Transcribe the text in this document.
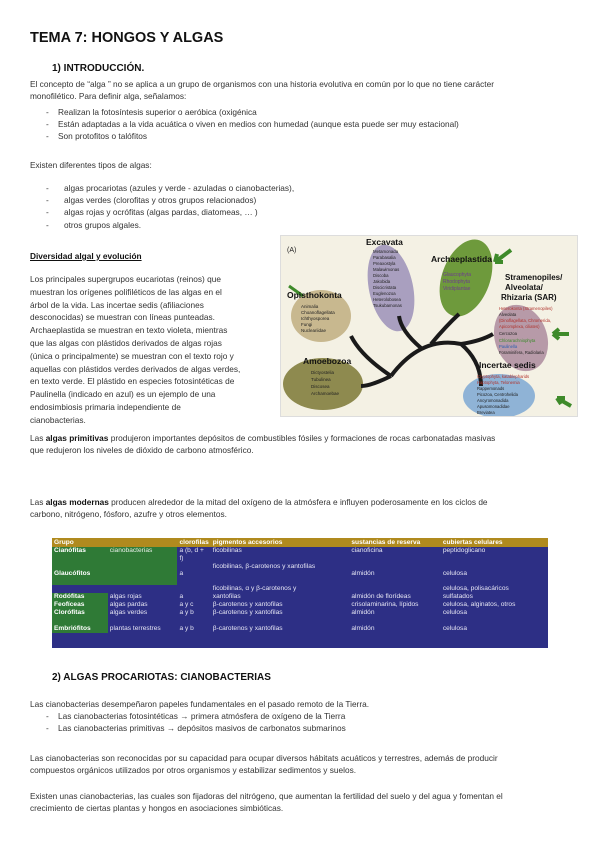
TEMA 7: HONGOS Y ALGAS
1) INTRODUCCIÓN.
El concepto de “alga ” no se aplica a un grupo de organismos con una historia evolutiva en común por lo que no tiene carácter
monofilético. Para definir alga, señalamos:
- Realizan la fotosíntesis superior o aeróbica (oxigénica
- Están adaptadas a la vida acuática o viven en medios con humedad (aunque esta puede ser muy estacional)
- Son protofitos o talófitos
Existen diferentes tipos de algas:
- algas procariotas (azules y verde - azuladas o cianobacterias),
- algas verdes (clorofitas y otros grupos relacionados)
- algas rojas y ocrófitas (algas pardas, diatomeas, … )
- otros grupos algales.
Diversidad algal y evolución
Los principales supergrupos eucariotas (reinos) que
muestran los orígenes polifiléticos de las algas en el
árbol de la vida. Las incertae sedis (afiliaciones
desconocidas) se muestran con líneas punteadas.
Archaeplastida se muestran en texto violeta, mientras
que las algas con plástidos derivados de algas rojas
(única o principalmente) se muestran con el texto rojo y
aquellas con plástidos verdes derivados de algas verdes,
en texto verde. El plástido en especies fotosintéticas de
Paulinella (indicado en azul) es un ejemplo de una
endosimbiosis primaria independiente de
cianobacterias.
(A)
Excavata
Archaeplastida
Opisthokonta
Stramenopiles/
Alveolata/
Rhizaria (SAR)
Amoebozoa	Incertae sedis
Metamonada
Parabasalia
Preaxostyla
Malawimonas
Discoba
Jakobida
Discicristata
Euglenozoa
Heterolobosea
Tsukubamonas
Glaucophyta
Rhodophyta
Viridiplantae
Animalia
Choanoflagellata
Ichthyosporea
Fungi
Nucleariidae
Heterokonta (Stramenopiles)
Alveolata
(Dinoflagellata, Chromerida,
Apicomplexa, ciliates)
Cercozoa
Chlorarachniophyta
Paulinella
Foraminifera, Radiolaria
Dictyostelia
Tubulinea
Discosea
Archamoebae
Cryptophyta, katablepharids
Haptophyta, Telonemia
Rappemonads
Picozoa, Centrohelida
Ancyromonadida
Apusomonadidae
Breviatea
Las algas primitivas produjeron importantes depósitos de combustibles fósiles y formaciones de rocas carbonatadas masivas
que redujeron los niveles de dióxido de carbono atmosférico.
Las algas modernas producen alrededor de la mitad del oxígeno de la atmósfera e influyen poderosamente en los ciclos de
carbono, nitrógeno, fósforo, azufre y otros elementos.
Grupo		clorofilas	pigmentos accesorios	sustancias de reserva	cubiertas celulares
Cianófitas	cianobacterias	a (b, d + f)	ficobilinas	cianoficina	peptidoglicano
Glaucófitos		a	ficobilinas, β-carotenos y xantofilas	almidón	celulosa
			ficobilinas, α y β-carotenos y		celulosa, polisacáricos
Rodófitas	algas rojas	a	xantofilas	almidón de florídeas	sulfatados
Feofíceas	algas pardas	a y c	β-carotenos y xantofilas	crisolaminarina, lípidos	celulosa, alginatos, otros
Clorófitas	algas verdes	a y b	β-carotenos y xantofilas	almidón	celulosa
Embriófitos	plantas terrestres	a y b	β-carotenos y xantofilas	almidón	celulosa
2) ALGAS PROCARIOTAS: CIANOBACTERIAS
Las cianobacterias desempeñaron papeles fundamentales en el pasado remoto de la Tierra.
- Las cianobacterias fotosintéticas → primera atmósfera de oxígeno de la Tierra
- Las cianobacterias primitivas → depósitos masivos de carbonatos submarinos
Las cianobacterias son reconocidas por su capacidad para ocupar diversos hábitats acuáticos y terrestres, además de producir
compuestos orgánicos utilizados por otros organismos y estabilizar sedimentos y suelos.
Existen unas cianobacterias, las cuales son fijadoras del nitrógeno, que aumentan la fertilidad del suelo y del agua y fomentan el
crecimiento de ciertas plantas y hongos en asociaciones simbióticas.
